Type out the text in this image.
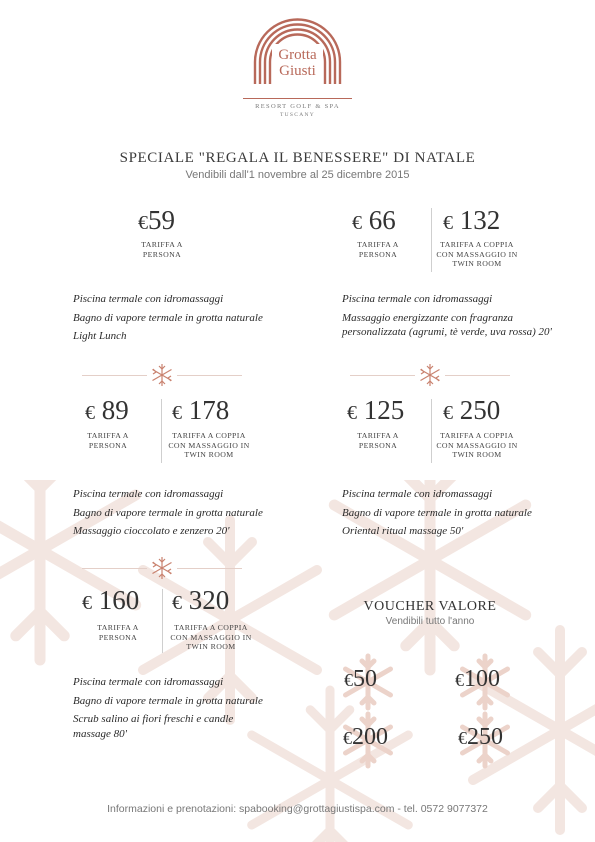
Grotta
Giusti
RESORT GOLF & SPA
TUSCANY
SPECIALE "REGALA IL BENESSERE" DI NATALE
Vendibili dall'1 novembre al 25 dicembre 2015
€59
TARIFFA A PERSONA

Piscina termale con idromassaggi

Bagno di vapore termale in grotta naturale

Light Lunch

€ 66
TARIFFA A PERSONA
€ 132
TARIFFA A COPPIA CON MASSAGGIO IN TWIN ROOM

Piscina termale con idromassaggi

Massaggio energizzante con fragranza personalizzata (agrumi, tè verde, uva rossa) 20'

€ 89
TARIFFA A PERSONA
€ 178
TARIFFA A COPPIA CON MASSAGGIO IN TWIN ROOM

Piscina termale con idromassaggi

Bagno di vapore termale in grotta naturale

Massaggio cioccolato e zenzero 20'

€ 125
TARIFFA A PERSONA
€ 250
TARIFFA A COPPIA CON MASSAGGIO IN TWIN ROOM

Piscina termale con idromassaggi

Bagno di vapore termale in grotta naturale

Oriental ritual massage 50'

€ 160
TARIFFA A PERSONA
€ 320
TARIFFA A COPPIA CON MASSAGGIO IN TWIN ROOM

Piscina termale con idromassaggi

Bagno di vapore termale in grotta naturale

Scrub salino ai fiori freschi e candle massage 80'

VOUCHER VALORE
Vendibili tutto l'anno
€50	€100
€200	€250
Informazioni e prenotazioni: spabooking@grottagiustispa.com - tel. 0572 9077372
